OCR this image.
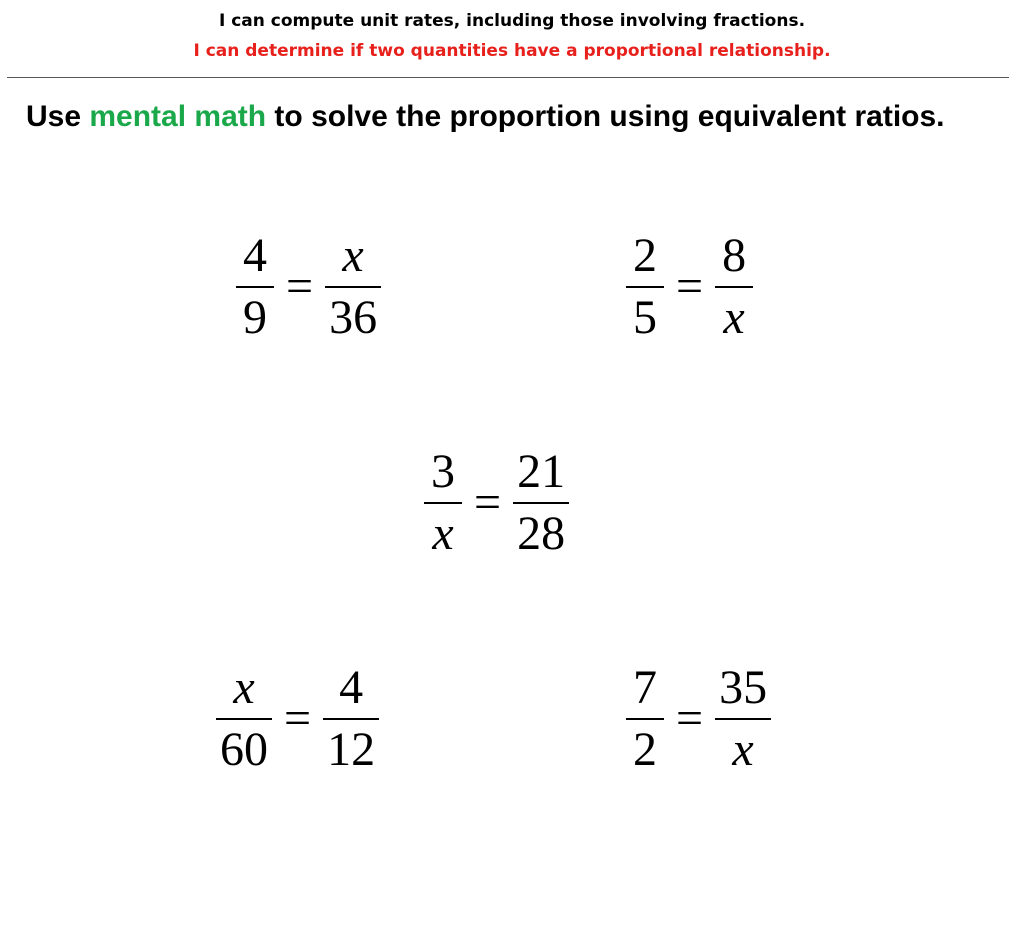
I can compute unit rates, including those involving fractions.
I can determine if two quantities have a proportional relationship.
Use mental math to solve the proportion using equivalent ratios.
$\frac{4}{9} = \frac{x}{36}$	$\frac{2}{5} = \frac{8}{x}$
$\frac{3}{x} = \frac{21}{28}$
$\frac{x}{60} = \frac{4}{12}$	$\frac{7}{2} = \frac{35}{x}$
